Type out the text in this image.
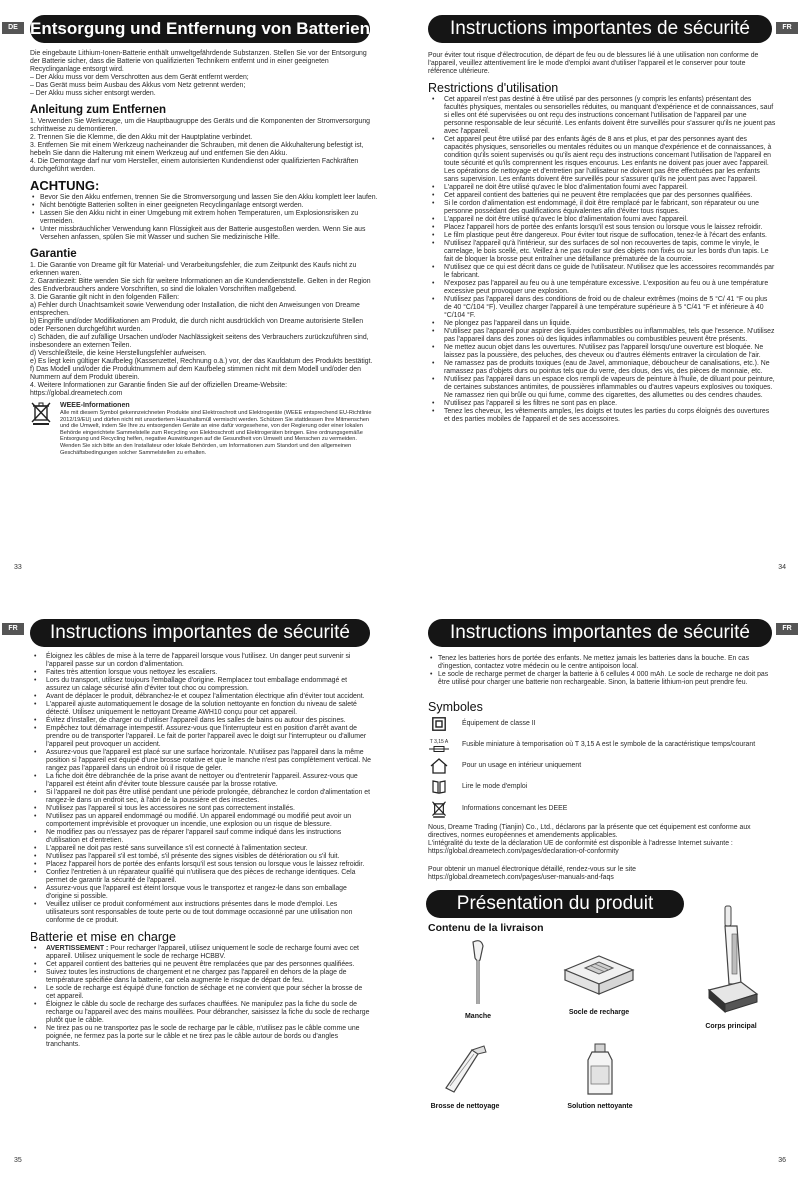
DE Entsorgung und Entfernung von Batterien

Die eingebaute Lithium-Ionen-Batterie enthält umweltgefährdende Substanzen. Stellen Sie vor der Entsorgung der Batterie sicher, dass die Batterie von qualifizierten Technikern entfernt und in einer geeigneten Recyclinganlage entsorgt wird.

– Der Akku muss vor dem Verschrotten aus dem Gerät entfernt werden;

– Das Gerät muss beim Ausbau des Akkus vom Netz getrennt werden;

– Der Akku muss sicher entsorgt werden.

Anleitung zum Entfernen

1. Verwenden Sie Werkzeuge, um die Hauptbaugruppe des Geräts und die Komponenten der Stromversorgung schrittweise zu demontieren.

2. Trennen Sie die Klemme, die den Akku mit der Hauptplatine verbindet.

3. Entfernen Sie mit einem Werkzeug nacheinander die Schrauben, mit denen die Akkuhalterung befestigt ist, hebeln Sie dann die Halterung mit einem Werkzeug auf und entfernen Sie den Akku.

4. Die Demontage darf nur vom Hersteller, einem autorisierten Kundendienst oder qualifizierten Fachkräften durchgeführt werden.

ACHTUNG:
• Bevor Sie den Akku entfernen, trennen Sie die Stromversorgung und lassen Sie den Akku komplett leer laufen.
• Nicht benötigte Batterien sollten in einer geeigneten Recyclinganlage entsorgt werden.
• Lassen Sie den Akku nicht in einer Umgebung mit extrem hohen Temperaturen, um Explosionsrisiken zu vermeiden.
• Unter missbräuchlicher Verwendung kann Flüssigkeit aus der Batterie ausgestoßen werden. Wenn Sie aus Versehen anfassen, spülen Sie mit Wasser und suchen Sie medizinische Hilfe.
Garantie

1. Die Garantie von Dreame gilt für Material- und Verarbeitungsfehler, die zum Zeitpunkt des Kaufs nicht zu erkennen waren.

2. Garantiezeit: Bitte wenden Sie sich für weitere Informationen an die Kundendienststelle. Gelten in der Region des Endverbrauchers andere Vorschriften, so sind die lokalen Vorschriften maßgebend.

3. Die Garantie gilt nicht in den folgenden Fällen:

a) Fehler durch Unachtsamkeit sowie Verwendung oder Installation, die nicht den Anweisungen von Dreame entsprechen.

b) Eingriffe und/oder Modifikationen am Produkt, die durch nicht ausdrücklich von Dreame autorisierte Stellen oder Personen durchgeführt wurden.

c) Schäden, die auf zufällige Ursachen und/oder Nachlässigkeit seitens des Verbrauchers zurückzuführen sind, insbesondere an externen Teilen.

d) Verschleißteile, die keine Herstellungsfehler aufweisen.

e) Es liegt kein gültiger Kaufbeleg (Kassenzettel, Rechnung o.ä.) vor, der das Kaufdatum des Produkts bestätigt.

f) Das Modell und/oder die Produktnummern auf dem Kaufbeleg stimmen nicht mit dem Modell und/oder den Nummern auf dem Produkt überein.

4. Weitere Informationen zur Garantie finden Sie auf der offiziellen Dreame-Website:

https://global.dreametech.com

WEEE-Informationen
Alle mit diesem Symbol gekennzeichneten Produkte sind Elektroschrott und Elektrogeräte (WEEE entsprechend EU-Richtlinie 2012/19/EU) und dürfen nicht mit unsortiertem Haushaltsmüll vermischt werden. Schützen Sie stattdessen Ihre Mitmenschen und die Umwelt, indem Sie Ihre zu entsorgenden Geräte an eine dafür vorgesehene, von der Regierung oder einer lokalen Behörde eingerichtete Sammelstelle zum Recycling von Elektroschrott und Elektrogeräten bringen. Eine ordnungsgemäße Entsorgung und Recycling helfen, negative Auswirkungen auf die Gesundheit von Umwelt und Menschen zu vermeiden. Wenden Sie sich bitte an den Installateur oder lokale Behörden, um Informationen zum Standort und den allgemeinen Geschäftsbedingungen solcher Sammelstellen zu erhalten.
33
FR
Instructions importantes de sécurité

Pour éviter tout risque d'électrocution, de départ de feu ou de blessures lié à une utilisation non conforme de l'appareil, veuillez attentivement lire le mode d'emploi avant d'utiliser l'appareil et le conserver pour toute référence ultérieure.

Restrictions d'utilisation
• Cet appareil n'est pas destiné à être utilisé par des personnes (y compris les enfants) présentant des facultés physiques, mentales ou sensorielles réduites, ou manquant d'expérience et de connaissances, sauf si elles ont été supervisées ou ont reçu des instructions concernant l'utilisation de l'appareil par une personne responsable de leur sécurité. Les enfants doivent être surveillés pour s'assurer qu'ils ne jouent pas avec l'appareil.
• Cet appareil peut être utilisé par des enfants âgés de 8 ans et plus, et par des personnes ayant des capacités physiques, sensorielles ou mentales réduites ou un manque d'expérience et de connaissances, à condition qu'ils soient supervisés ou qu'ils aient reçu des instructions concernant l'utilisation de l'appareil en toute sécurité et qu'ils comprennent les risques encourus. Les enfants ne doivent pas jouer avec l'appareil. Les opérations de nettoyage et d'entretien par l'utilisateur ne doivent pas être effectuées par les enfants sans supervision. Les enfants doivent être surveillés pour s'assurer qu'ils ne jouent pas avec l'appareil.
• L'appareil ne doit être utilisé qu'avec le bloc d'alimentation fourni avec l'appareil.
• Cet appareil contient des batteries qui ne peuvent être remplacées que par des personnes qualifiées.
• Si le cordon d'alimentation est endommagé, il doit être remplacé par le fabricant, son réparateur ou une personne possédant des qualifications équivalentes afin d'éviter tous risques.
• L'appareil ne doit être utilisé qu'avec le bloc d'alimentation fourni avec l'appareil.
• Placez l'appareil hors de portée des enfants lorsqu'il est sous tension ou lorsque vous le laissez refroidir.
• Le film plastique peut être dangereux. Pour éviter tout risque de suffocation, tenez-le à l'écart des enfants.
• N'utilisez l'appareil qu'à l'intérieur, sur des surfaces de sol non recouvertes de tapis, comme le vinyle, le carrelage, le bois scellé, etc. Veillez à ne pas rouler sur des objets non fixés ou sur les bords d'un tapis. Le fait de bloquer la brosse peut entraîner une défaillance prématurée de la courroie.
• N'utilisez que ce qui est décrit dans ce guide de l'utilisateur. N'utilisez que les accessoires recommandés par le fabricant.
• N'exposez pas l'appareil au feu ou à une température excessive. L'exposition au feu ou à une température excessive peut provoquer une explosion.
• N'utilisez pas l'appareil dans des conditions de froid ou de chaleur extrêmes (moins de 5 °C/ 41 °F ou plus de 40 °C/104 °F). Veuillez charger l'appareil à une température supérieure à 5 °C/41 °F et inférieure à 40 °C/104 °F.
• Ne plongez pas l'appareil dans un liquide.
• N'utilisez pas l'appareil pour aspirer des liquides combustibles ou inflammables, tels que l'essence. N'utilisez pas l'appareil dans des zones où des liquides inflammables ou combustibles peuvent être présents.
• Ne mettez aucun objet dans les ouvertures. N'utilisez pas l'appareil lorsqu'une ouverture est bloquée. Ne laissez pas la poussière, des peluches, des cheveux ou d'autres éléments entraver la circulation de l'air.
• Ne ramassez pas de produits toxiques (eau de Javel, ammoniaque, déboucheur de canalisations, etc.). Ne ramassez pas d'objets durs ou pointus tels que du verre, des clous, des vis, des pièces de monnaie, etc.
• N'utilisez pas l'appareil dans un espace clos rempli de vapeurs de peinture à l'huile, de diluant pour peinture, de certaines substances antimites, de poussières inflammables ou d'autres vapeurs explosives ou toxiques. Ne ramassez rien qui brûle ou qui fume, comme des cigarettes, des allumettes ou des cendres chaudes.
• N'utilisez pas l'appareil si les filtres ne sont pas en place.
• Tenez les cheveux, les vêtements amples, les doigts et toutes les parties du corps éloignés des ouvertures et des parties mobiles de l'appareil et de ses accessoires.
34
FR	Instructions importantes de sécurité
• Éloignez les câbles de mise à la terre de l'appareil lorsque vous l'utilisez. Un danger peut survenir si l'appareil passe sur un cordon d'alimentation.
• Faites très attention lorsque vous nettoyez les escaliers.
• Lors du transport, utilisez toujours l'emballage d'origine. Remplacez tout emballage endommagé et assurez un calage sécurisé afin d'éviter tout choc ou compression.
• Avant de déplacer le produit, débranchez-le et coupez l'alimentation électrique afin d'éviter tout accident.
• L'appareil ajuste automatiquement le dosage de la solution nettoyante en fonction du niveau de saleté détecté. Utilisez uniquement le nettoyant Dreame AWH10 conçu pour cet appareil.
• Évitez d'installer, de charger ou d'utiliser l'appareil dans les salles de bains ou autour des piscines.
• Empêchez tout démarrage intempestif. Assurez-vous que l'interrupteur est en position d'arrêt avant de prendre ou de transporter l'appareil. Le fait de porter l'appareil avec le doigt sur l'interrupteur ou d'allumer l'appareil peut provoquer un accident.
• Assurez-vous que l'appareil est placé sur une surface horizontale. N'utilisez pas l'appareil dans la même position si l'appareil est équipé d'une brosse rotative et que le manche n'est pas complètement vertical. Ne rangez pas l'appareil dans un endroit où il risque de geler.
• La fiche doit être débranchée de la prise avant de nettoyer ou d'entretenir l'appareil. Assurez-vous que l'appareil est éteint afin d'éviter toute blessure causée par la brosse rotative.
• Si l'appareil ne doit pas être utilisé pendant une période prolongée, débranchez le cordon d'alimentation et rangez-le dans un endroit sec, à l'abri de la poussière et des insectes.
• N'utilisez pas l'appareil si tous les accessoires ne sont pas correctement installés.
• N'utilisez pas un appareil endommagé ou modifié. Un appareil endommagé ou modifié peut avoir un comportement imprévisible et provoquer un incendie, une explosion ou un risque de blessure.
• Ne modifiez pas ou n'essayez pas de réparer l'appareil sauf comme indiqué dans les instructions d'utilisation et d'entretien.
• L'appareil ne doit pas resté sans surveillance s'il est connecté à l'alimentation secteur.
• N'utilisez pas l'appareil s'il est tombé, s'il présente des signes visibles de détérioration ou s'il fuit.
• Placez l'appareil hors de portée des enfants lorsqu'il est sous tension ou lorsque vous le laissez refroidir.
• Confiez l'entretien à un réparateur qualifié qui n'utilisera que des pièces de rechange identiques. Cela permet de garantir la sécurité de l'appareil.
• Assurez-vous que l'appareil est éteint lorsque vous le transportez et rangez-le dans son emballage d'origine si possible.
• Veuillez utiliser ce produit conformément aux instructions présentes dans le mode d'emploi. Les utilisateurs sont responsables de toute perte ou de tout dommage occasionné par une utilisation non conforme de ce produit.
Batterie et mise en charge
• AVERTISSEMENT : Pour recharger l'appareil, utilisez uniquement le socle de recharge fourni avec cet appareil. Utilisez uniquement le socle de recharge HCBBV.
• Cet appareil contient des batteries qui ne peuvent être remplacées que par des personnes qualifiées.
• Suivez toutes les instructions de chargement et ne chargez pas l'appareil en dehors de la plage de température spécifiée dans la batterie, car cela augmente le risque de départ de feu.
• Le socle de recharge est équipé d'une fonction de séchage et ne convient que pour sécher la brosse de cet appareil.
• Éloignez le câble du socle de recharge des surfaces chauffées. Ne manipulez pas la fiche du socle de recharge ou l'appareil avec des mains mouillées. Pour débrancher, saisissez la fiche du socle de recharge plutôt que le câble.
• Ne tirez pas ou ne transportez pas le socle de recharge par le câble, n'utilisez pas le câble comme une poignée, ne fermez pas la porte sur le câble et ne tirez pas le câble autour de bords ou d'angles tranchants.
35
FR
Instructions importantes de sécurité
• Tenez les batteries hors de portée des enfants. Ne mettez jamais les batteries dans la bouche. En cas d'ingestion, contactez votre médecin ou le centre antipoison local.
• Le socle de recharge permet de charger la batterie à 6 cellules 4 000 mAh. Le socle de recharge ne doit pas être utilisé pour charger une batterie non rechargeable. Sinon, la batterie lithium-ion peut prendre feu.
Symboles
Équipement de classe II
T 3,15 A Fusible miniature à temporisation où T 3,15 A est le symbole de la caractéristique temps/courant
Pour un usage en intérieur uniquement
Lire le mode d'emploi
Informations concernant les DEEE

Nous, Dreame Trading (Tianjin) Co., Ltd., déclarons par la présente que cet équipement est conforme aux directives, normes européennes et amendements applicables.

L'intégralité du texte de la déclaration UE de conformité est disponible à l'adresse Internet suivante :

https://global.dreametech.com/pages/declaration-of-conformity

Pour obtenir un manuel électronique détaillé, rendez-vous sur le site

https://global.dreametech.com/pages/user-manuals-and-faqs

Présentation du produit
Contenu de la livraison
Manche
Socle de recharge
Corps principal
Brosse de nettoyage	Solution nettoyante
36
